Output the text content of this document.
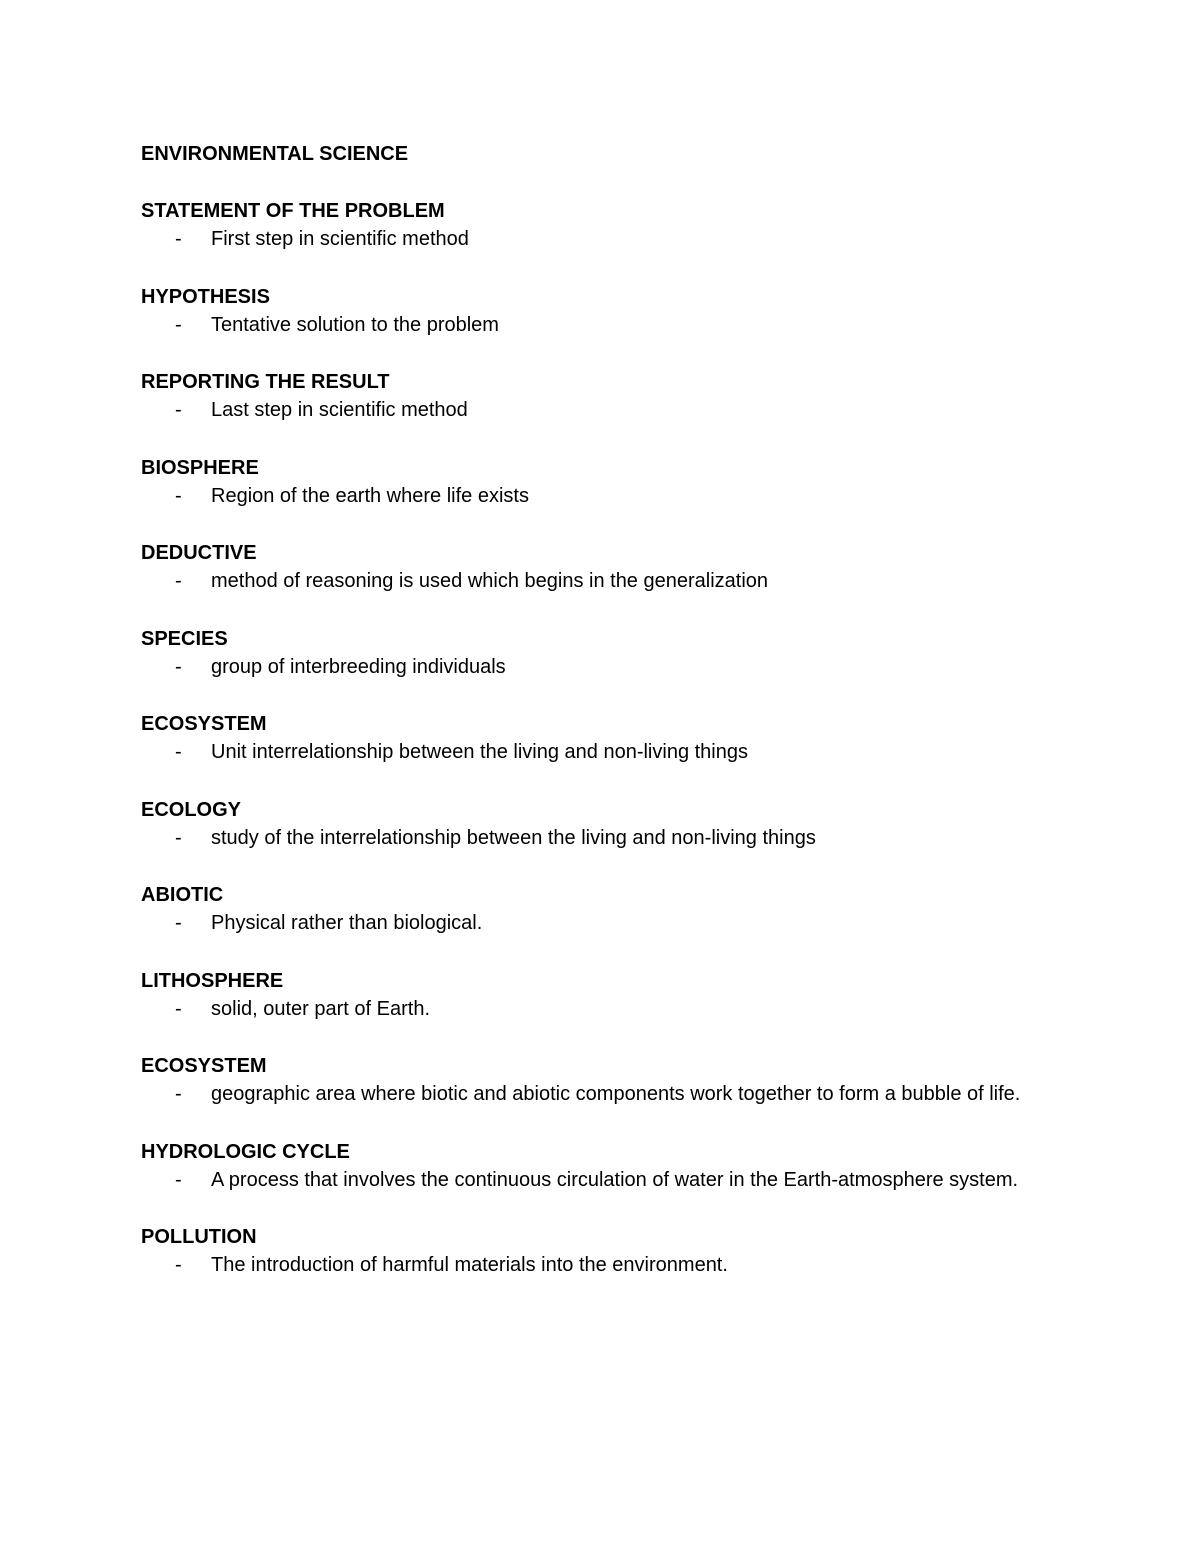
ENVIRONMENTAL SCIENCE
STATEMENT OF THE PROBLEM
- First step in scientific method
HYPOTHESIS
- Tentative solution to the problem
REPORTING THE RESULT
- Last step in scientific method
BIOSPHERE
- Region of the earth where life exists
DEDUCTIVE
- method of reasoning is used which begins in the generalization
SPECIES
- group of interbreeding individuals
ECOSYSTEM
- Unit interrelationship between the living and non-living things
ECOLOGY
- study of the interrelationship between the living and non-living things
ABIOTIC
- Physical rather than biological.
LITHOSPHERE
- solid, outer part of Earth.
ECOSYSTEM
- geographic area where biotic and abiotic components work together to form a bubble of life.
HYDROLOGIC CYCLE
- A process that involves the continuous circulation of water in the Earth-atmosphere system.
POLLUTION
- The introduction of harmful materials into the environment.
